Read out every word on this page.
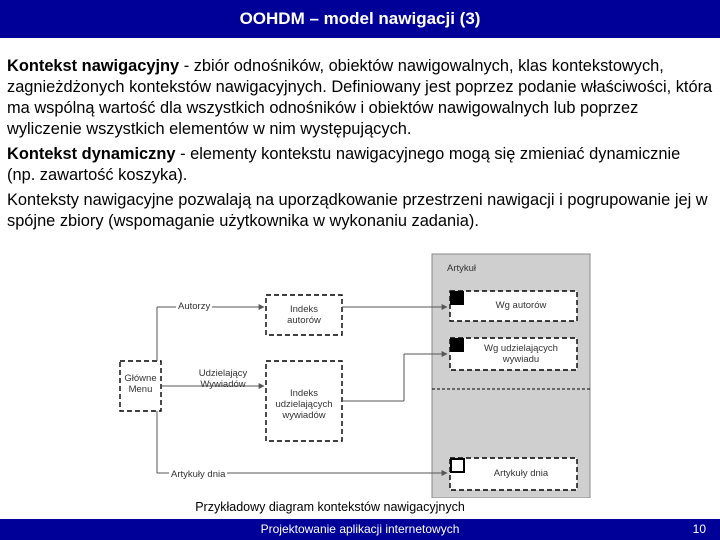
OOHDM – model nawigacji (3)

Kontekst nawigacyjny - zbiór odnośników, obiektów nawigowalnych, klas kontekstowych, zagnieżdżonych kontekstów nawigacyjnych. Definiowany jest poprzez podanie właściwości, która ma wspólną wartość dla wszystkich odnośników i obiektów nawigowalnych lub poprzez wyliczenie wszystkich elementów w nim występujących.

Kontekst dynamiczny - elementy kontekstu nawigacyjnego mogą się zmieniać dynamicznie (np. zawartość koszyka).

Konteksty nawigacyjne pozwalają na uporządkowanie przestrzeni nawigacji i pogrupowanie jej w spójne zbiory (wspomaganie użytkownika w wykonaniu zadania).

Artykuł
Autorzy
Główne Menu
Udzielający Wywiadów
Indeks autorów
Indeks udzielających wywiadów
Wg autorów
Wg udzielających wywiadu
Artykuły dnia	Artykuły dnia
Przykładowy diagram kontekstów nawigacyjnych
Projektowanie aplikacji internetowych	10
